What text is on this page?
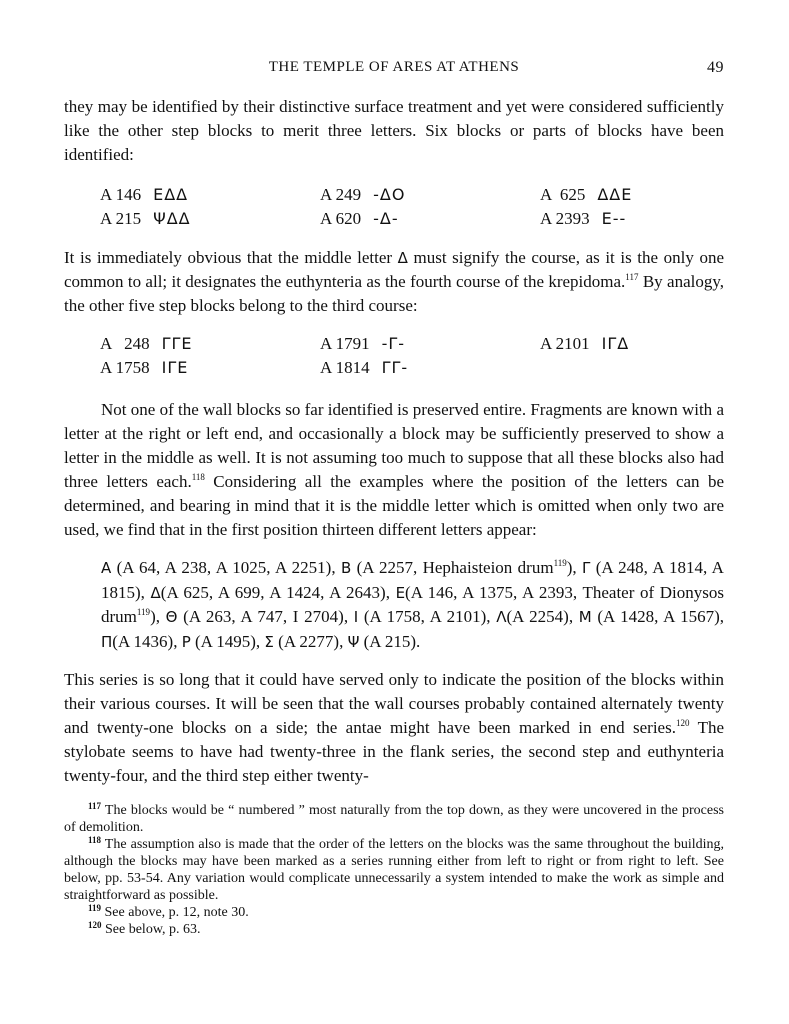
THE TEMPLE OF ARES AT ATHENS	49

they may be identified by their distinctive surface treatment and yet were considered sufficiently like the other step blocks to merit three letters. Six blocks or parts of blocks have been identified:

A 146 ΕΔΔ	A 249 -ΔΟ	A  625 ΔΔΕ
A 215 ΨΔΔ	A 620 -Δ-	A 2393 Ε--

It is immediately obvious that the middle letter Δ must signify the course, as it is the only one common to all; it designates the euthynteria as the fourth course of the krepidoma.$^{117}$ By analogy, the other five step blocks belong to the third course:

A   248 ΓΓΕ	A 1791 -Γ-	A 2101 ΙΓΔ
A 1758 ΙΓΕ	A 1814 ΓΓ-

Not one of the wall blocks so far identified is preserved entire. Fragments are known with a letter at the right or left end, and occasionally a block may be sufficiently preserved to show a letter in the middle as well. It is not assuming too much to suppose that all these blocks also had three letters each.$^{118}$ Considering all the examples where the position of the letters can be determined, and bearing in mind that it is the middle letter which is omitted when only two are used, we find that in the first position thirteen different letters appear:

Α (A 64, A 238, A 1025, A 2251), Β (A 2257, Hephaisteion drum$^{119}$), Γ (A 248, A 1814, A 1815), Δ(A 625, A 699, A 1424, A 2643), Ε(A 146, A 1375, A 2393, Theater of Dionysos drum$^{119}$), Θ (A 263, A 747, I 2704), Ι (A 1758, A 2101), Λ(A 2254), Μ (A 1428, A 1567), Π(A 1436), Ρ (A 1495), Σ (A 2277), Ψ (A 215).

This series is so long that it could have served only to indicate the position of the blocks within their various courses. It will be seen that the wall courses probably contained alternately twenty and twenty-one blocks on a side; the antae might have been marked in end series.$^{120}$ The stylobate seems to have had twenty-three in the flank series, the second step and euthynteria twenty-four, and the third step either twenty-

$^{117}$ The blocks would be “ numbered ” most naturally from the top down, as they were uncovered in the process of demolition.

$^{118}$ The assumption also is made that the order of the letters on the blocks was the same throughout the building, although the blocks may have been marked as a series running either from left to right or from right to left. See below, pp. 53-54. Any variation would complicate unnecessarily a system intended to make the work as simple and straightforward as possible.

$^{119}$ See above, p. 12, note 30.

$^{120}$ See below, p. 63.
